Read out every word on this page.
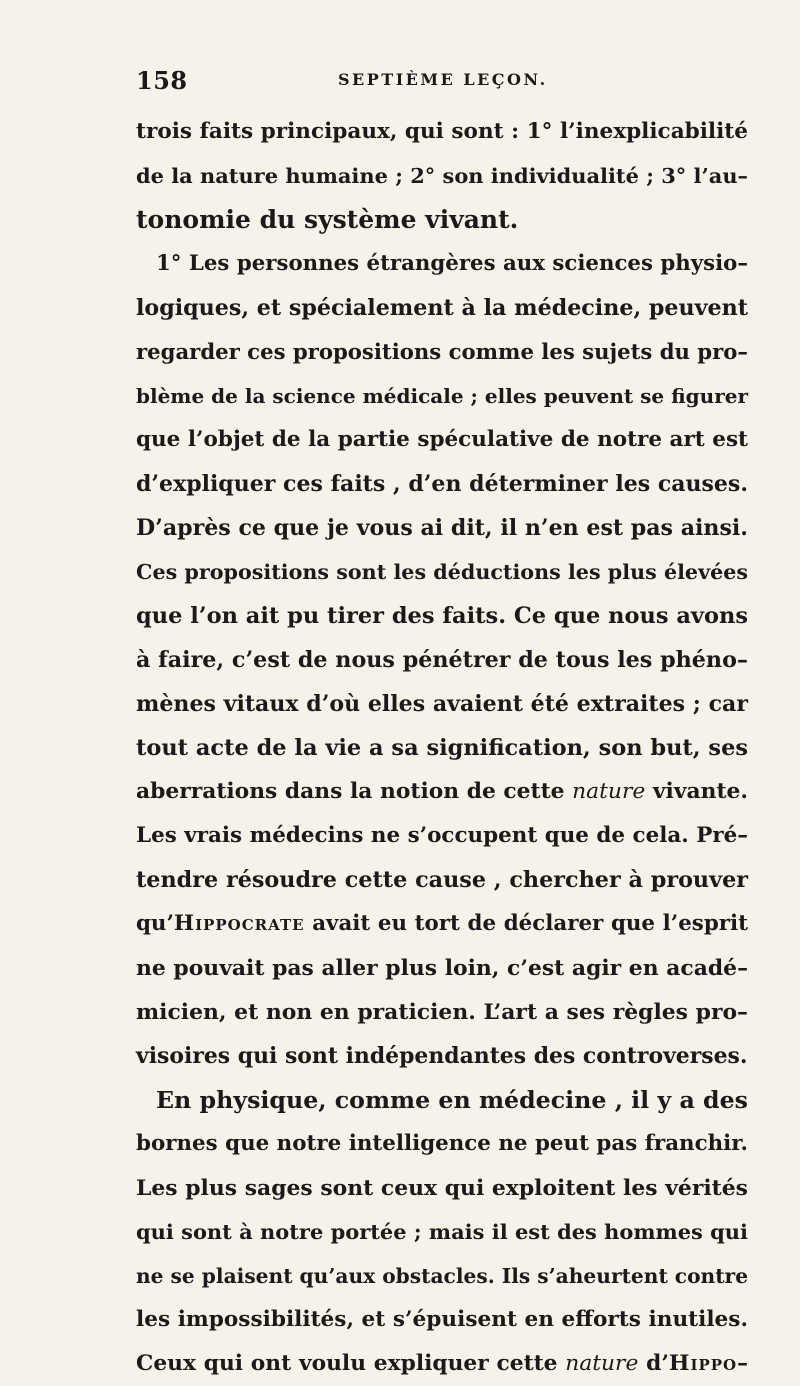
158	SEPTIÈME LEÇON.
trois faits principaux, qui sont : 1° l’inexplicabilité
de la nature humaine ; 2° son individualité ; 3° l’au–
tonomie du système vivant.
1° Les personnes étrangères aux sciences physio–
logiques, et spécialement à la médecine, peuvent
regarder ces propositions comme les sujets du pro–
blème de la science médicale ; elles peuvent se figurer
que l’objet de la partie spéculative de notre art est
d’expliquer ces faits , d’en déterminer les causes.
D’après ce que je vous ai dit, il n’en est pas ainsi.
Ces propositions sont les déductions les plus élevées
que l’on ait pu tirer des faits. Ce que nous avons
à faire, c’est de nous pénétrer de tous les phéno–
mènes vitaux d’où elles avaient été extraites ; car
tout acte de la vie a sa signification, son but, ses
aberrations dans la notion de cette nature vivante.
Les vrais médecins ne s’occupent que de cela. Pré–
tendre résoudre cette cause , chercher à prouver
qu’Hippocrate avait eu tort de déclarer que l’esprit
ne pouvait pas aller plus loin, c’est agir en acadé–
micien, et non en praticien. L’art a ses règles pro–
visoires qui sont indépendantes des controverses.
En physique, comme en médecine , il y a des
bornes que notre intelligence ne peut pas franchir.
Les plus sages sont ceux qui exploitent les vérités
qui sont à notre portée ; mais il est des hommes qui
ne se plaisent qu’aux obstacles. Ils s’aheurtent contre
les impossibilités, et s’épuisent en efforts inutiles.
Ceux qui ont voulu expliquer cette nature d’Hippo–
